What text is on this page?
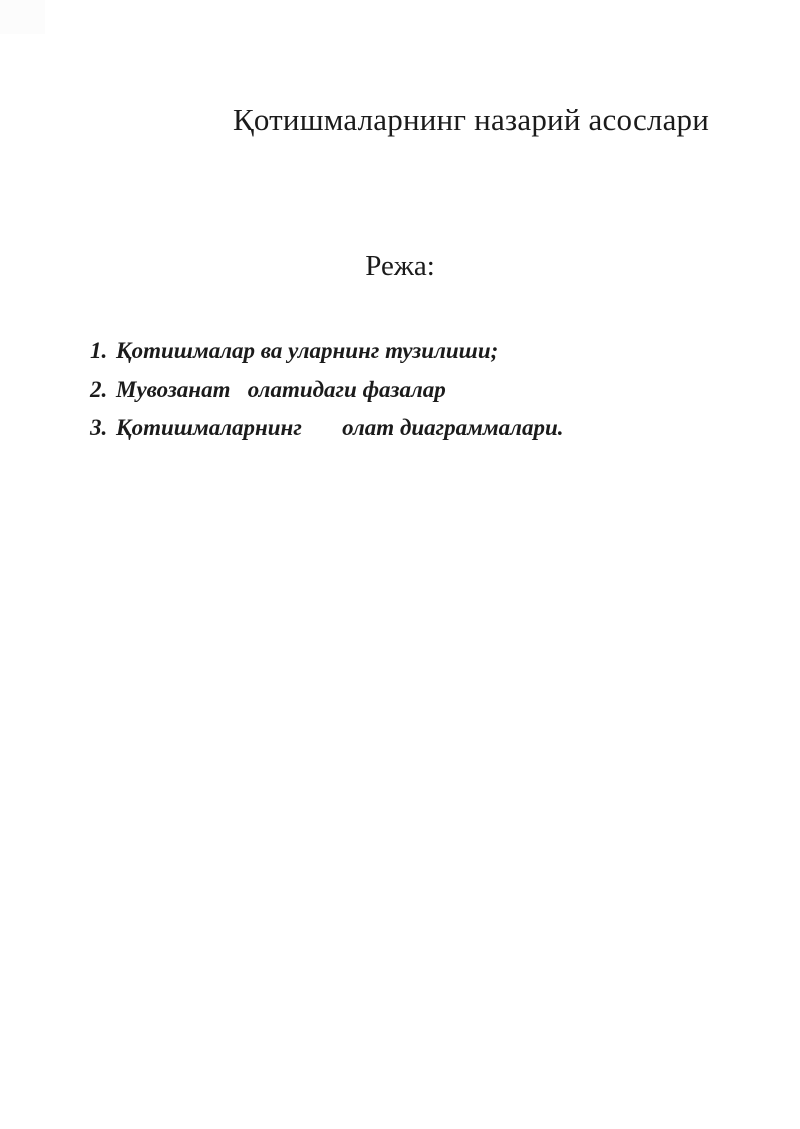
Қотишмаларнинг назарий асослари
Режа:
1. Қотишмалар ва уларнинг тузилиши;
2. Мувозанат   олатидаги фазалар
3. Қотишмаларнинг       олат диаграммалари.
